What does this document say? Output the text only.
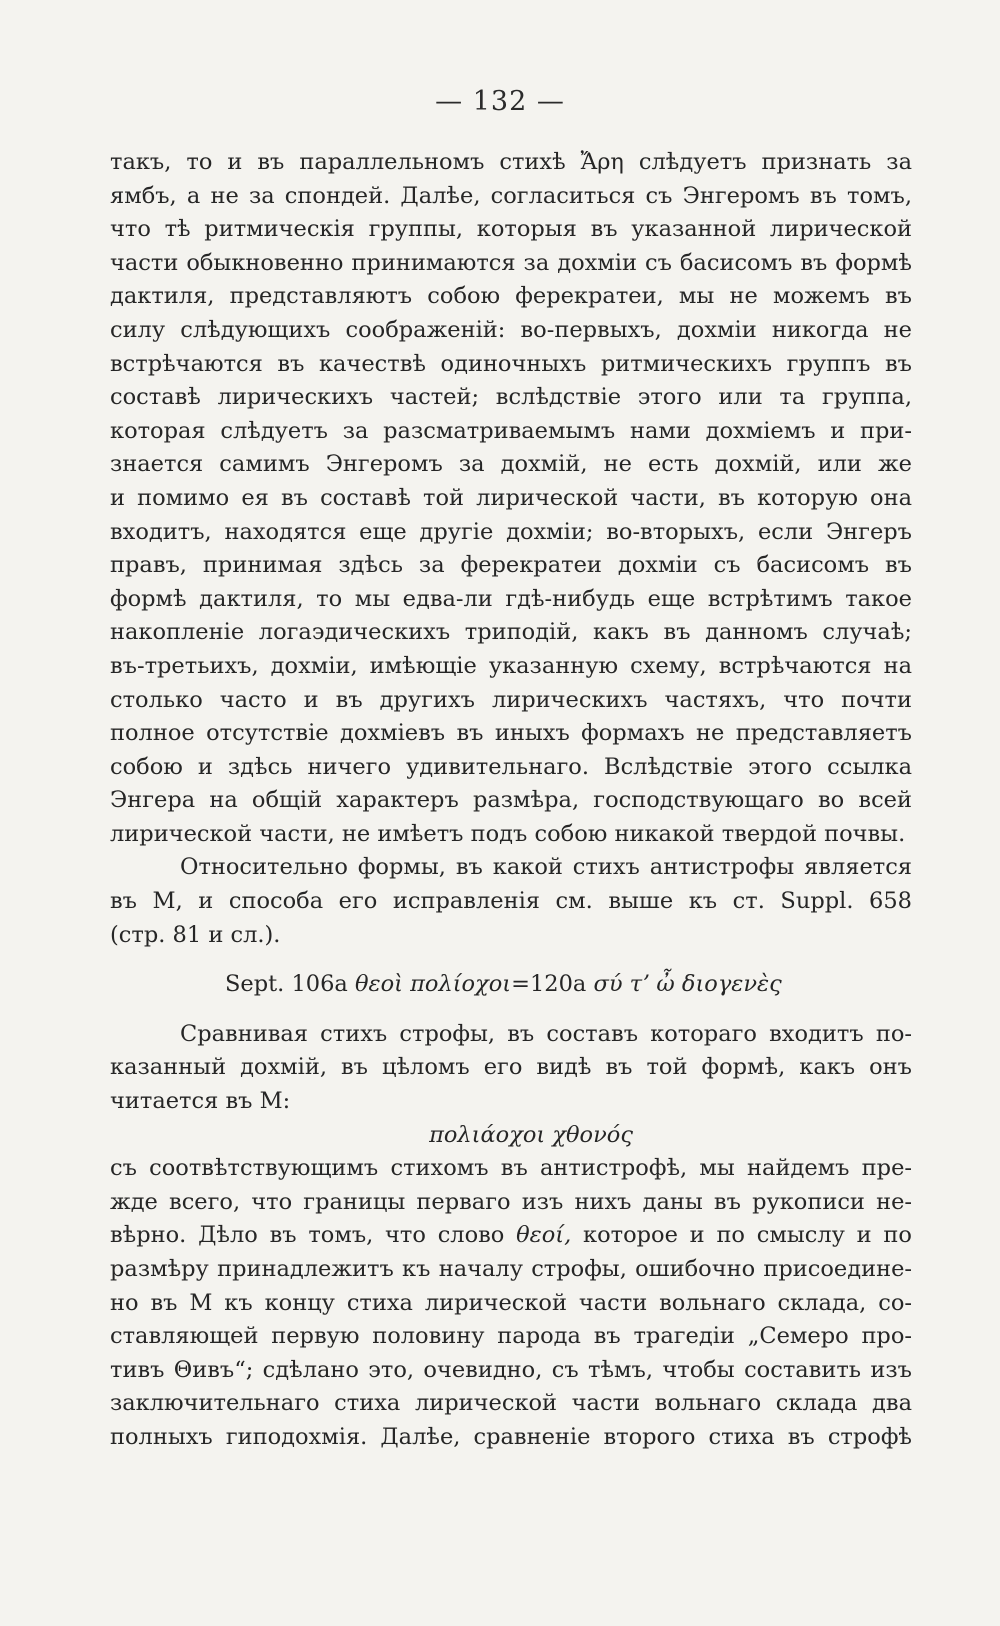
— 132 —
такъ, то и въ параллельномъ стихѣ Ἄρη слѣдуетъ признать за
ямбъ, а не за спондей. Далѣе, согласиться съ Энгеромъ въ томъ,
что тѣ ритмическія группы, которыя въ указанной лирической
части обыкновенно принимаются за дохміи съ басисомъ въ формѣ
дактиля, представляютъ собою ферекратеи, мы не можемъ въ
силу слѣдующихъ соображеній: во-первыхъ, дохміи никогда не
встрѣчаются въ качествѣ одиночныхъ ритмическихъ группъ въ
составѣ лирическихъ частей; вслѣдствіе этого или та группа,
которая слѣдуетъ за разсматриваемымъ нами дохміемъ и при-
знается самимъ Энгеромъ за дохмій, не есть дохмій, или же
и помимо ея въ составѣ той лирической части, въ которую она
входитъ, находятся еще другіе дохміи; во-вторыхъ, если Энгеръ
правъ, принимая здѣсь за ферекратеи дохміи съ басисомъ въ
формѣ дактиля, то мы едва-ли гдѣ-нибудь еще встрѣтимъ такое
накопленіе логаэдическихъ триподій, какъ въ данномъ случаѣ;
въ-третьихъ, дохміи, имѣющіе указанную схему, встрѣчаются на
столько часто и въ другихъ лирическихъ частяхъ, что почти
полное отсутствіе дохміевъ въ иныхъ формахъ не представляетъ
собою и здѣсь ничего удивительнаго. Вслѣдствіе этого ссылка
Энгера на общій характеръ размѣра, господствующаго во всей
лирической части, не имѣетъ подъ собою никакой твердой почвы.
Относительно формы, въ какой стихъ антистрофы является
въ М, и способа его исправленія см. выше къ ст. Suppl. 658
(стр. 81 и сл.).
Sept. 106a θεοὶ πολίοχοι=120a σύ τʼ ὦ διογενὲς
Сравнивая стихъ строфы, въ составъ котораго входитъ по-
казанный дохмій, въ цѣломъ его видѣ въ той формѣ, какъ онъ
читается въ М:
πολιάοχοι χθονός
съ соотвѣтствующимъ стихомъ въ антистрофѣ, мы найдемъ пре-
жде всего, что границы перваго изъ нихъ даны въ рукописи не-
вѣрно. Дѣло въ томъ, что слово θεοί, которое и по смыслу и по
размѣру принадлежитъ къ началу строфы, ошибочно присоедине-
но въ М къ концу стиха лирической части вольнаго склада, со-
ставляющей первую половину парода въ трагедіи „Семеро про-
тивъ Θивъ“; сдѣлано это, очевидно, съ тѣмъ, чтобы составить изъ
заключительнаго стиха лирической части вольнаго склада два
полныхъ гиподохмія. Далѣе, сравненіе второго стиха въ строфѣ
